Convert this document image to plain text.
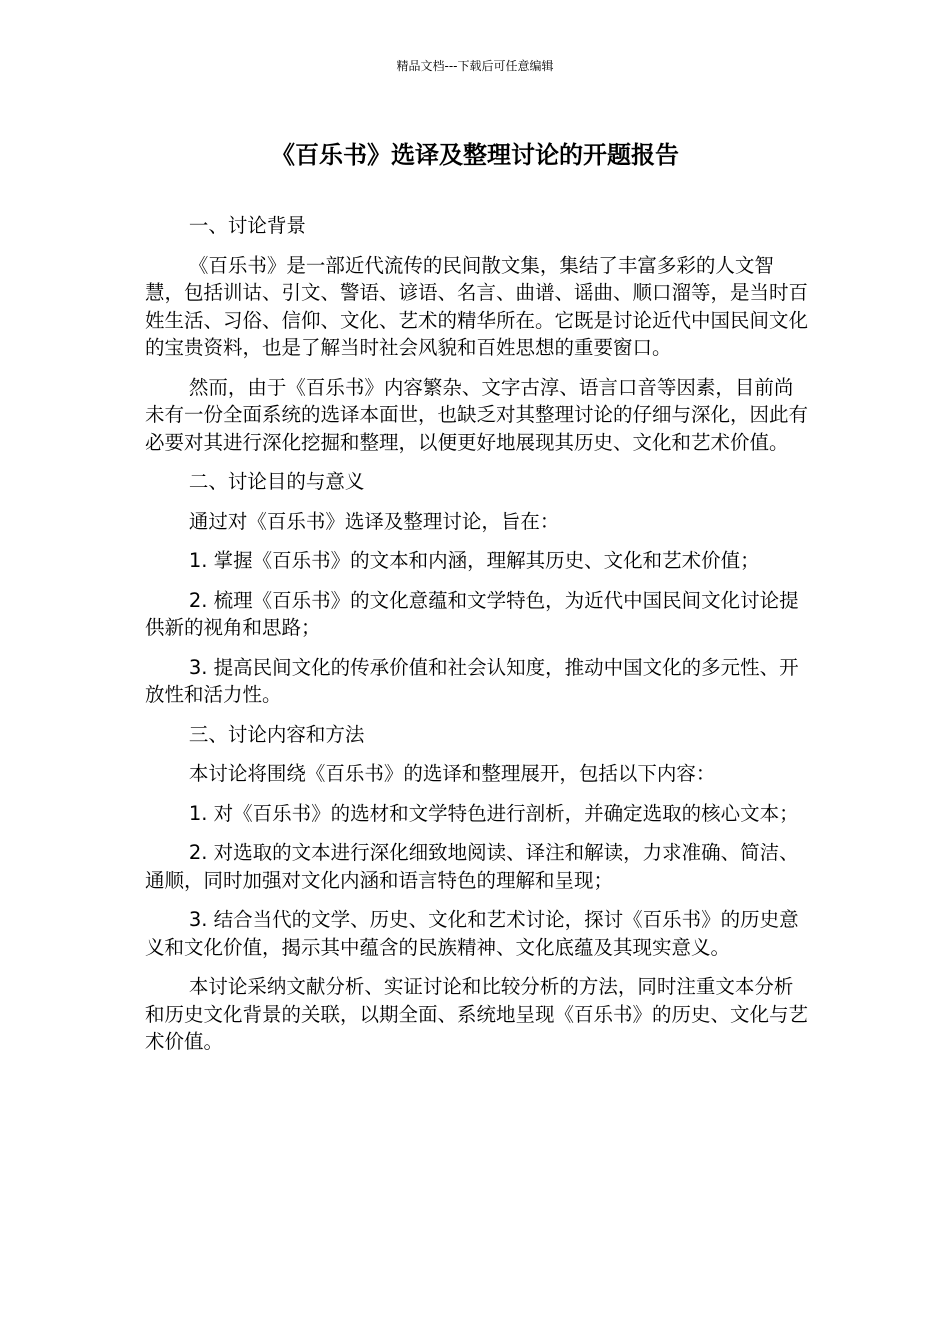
精品文档---下载后可任意编辑
《百乐书》选译及整理讨论的开题报告

一、讨论背景

《百乐书》是一部近代流传的民间散文集，集结了丰富多彩的人文智慧，包括训诂、引文、警语、谚语、名言、曲谱、谣曲、顺口溜等，是当时百姓生活、习俗、信仰、文化、艺术的精华所在。它既是讨论近代中国民间文化的宝贵资料，也是了解当时社会风貌和百姓思想的重要窗口。

然而，由于《百乐书》内容繁杂、文字古淳、语言口音等因素，目前尚未有一份全面系统的选译本面世，也缺乏对其整理讨论的仔细与深化，因此有必要对其进行深化挖掘和整理，以便更好地展现其历史、文化和艺术价值。

二、讨论目的与意义

通过对《百乐书》选译及整理讨论，旨在：

1. 掌握《百乐书》的文本和内涵，理解其历史、文化和艺术价值；

2. 梳理《百乐书》的文化意蕴和文学特色，为近代中国民间文化讨论提供新的视角和思路；

3. 提高民间文化的传承价值和社会认知度，推动中国文化的多元性、开放性和活力性。

三、讨论内容和方法

本讨论将围绕《百乐书》的选译和整理展开，包括以下内容：

1. 对《百乐书》的选材和文学特色进行剖析，并确定选取的核心文本；

2. 对选取的文本进行深化细致地阅读、译注和解读，力求准确、简洁、通顺，同时加强对文化内涵和语言特色的理解和呈现；

3. 结合当代的文学、历史、文化和艺术讨论，探讨《百乐书》的历史意义和文化价值，揭示其中蕴含的民族精神、文化底蕴及其现实意义。

本讨论采纳文献分析、实证讨论和比较分析的方法，同时注重文本分析和历史文化背景的关联，以期全面、系统地呈现《百乐书》的历史、文化与艺术价值。
